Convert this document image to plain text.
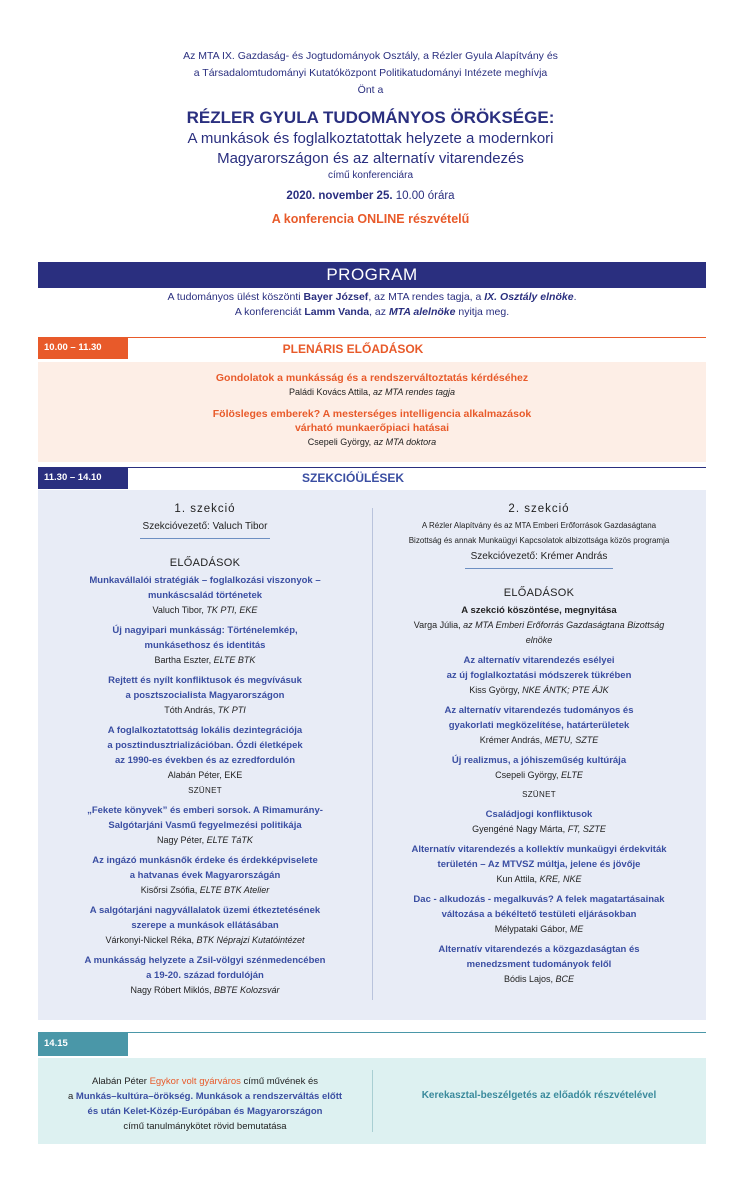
Az MTA IX. Gazdaság- és Jogtudományok Osztály, a Rézler Gyula Alapítvány és
a Társadalomtudományi Kutatóközpont Politikatudományi Intézete meghívja
Önt a
RÉZLER GYULA TUDOMÁNYOS ÖRÖKSÉGE:
A munkások és foglalkoztatottak helyzete a modernkori
Magyarországon és az alternatív vitarendezés
című konferenciára
2020. november 25. 10.00 órára
A konferencia ONLINE részvételű
PROGRAM
A tudományos ülést köszönti Bayer József, az MTA rendes tagja, a IX. Osztály elnöke.
A konferenciát Lamm Vanda, az MTA alelnöke nyitja meg.
10.00 – 11.30	PLENÁRIS ELŐADÁSOK
Gondolatok a munkásság és a rendszerváltoztatás kérdéséhez
Paládi Kovács Attila, az MTA rendes tagja
Fölösleges emberek? A mesterséges intelligencia alkalmazások
várható munkaerőpiaci hatásai
Csepeli György, az MTA doktora
11.30 – 14.10	SZEKCIÓÜLÉSEK
1. szekció
Szekcióvezető: Valuch Tibor
ELŐADÁSOK
Munkavállalói stratégiák – foglalkozási viszonyok –
munkáscsalád történetek
Valuch Tibor, TK PTI, EKE
Új nagyipari munkásság: Történelemkép,
munkásethosz és identitás
Bartha Eszter, ELTE BTK
Rejtett és nyílt konfliktusok és megvívásuk
a posztszocialista Magyarországon
Tóth András, TK PTI
A foglalkoztatottság lokális dezintegrációja
a posztindusztrializációban. Ózdi életképek
az 1990-es években és az ezredfordulón
Alabán Péter, EKE
SZÜNET
„Fekete könyvek” és emberi sorsok. A Rimamurány-
Salgótarjáni Vasmű fegyelmezési politikája
Nagy Péter, ELTE TáTK
Az ingázó munkásnők érdeke és érdekképviselete
a hatvanas évek Magyarországán
Kisőrsi Zsófia, ELTE BTK Atelier
A salgótarjáni nagyvállalatok üzemi étkeztetésének
szerepe a munkások ellátásában
Várkonyi-Nickel Réka, BTK Néprajzi Kutatóintézet
A munkásság helyzete a Zsil-völgyi szénmedencében
a 19-20. század fordulóján
Nagy Róbert Miklós, BBTE Kolozsvár
2. szekció
A Rézler Alapítvány és az MTA Emberi Erőforrások Gazdaságtana
Bizottság és annak Munkaügyi Kapcsolatok albizottsága közös programja
Szekcióvezető: Krémer András
ELŐADÁSOK
A szekció köszöntése, megnyitása
Varga Júlia, az MTA Emberi Erőforrás Gazdaságtana Bizottság
elnöke
Az alternatív vitarendezés esélyei
az új foglalkoztatási módszerek tükrében
Kiss György, NKE ÁNTK; PTE ÁJK
Az alternatív vitarendezés tudományos és
gyakorlati megközelítése, határterületek
Krémer András, METU, SZTE
Új realizmus, a jóhiszeműség kultúrája
Csepeli György, ELTE
SZÜNET
Családjogi konfliktusok
Gyengéné Nagy Márta, FT, SZTE
Alternatív vitarendezés a kollektív munkaügyi érdekviták
területén – Az MTVSZ múltja, jelene és jövője
Kun Attila, KRE, NKE
Dac - alkudozás - megalkuvás? A felek magatartásainak
változása a békéltető testületi eljárásokban
Mélypataki Gábor, ME
Alternatív vitarendezés a közgazdaságtan és
menedzsment tudományok felől
Bódis Lajos, BCE
14.15
Alabán Péter Egykor volt gyárváros című művének és
a Munkás–kultúra–örökség. Munkások a rendszerváltás előtt
és után Kelet-Közép-Európában és Magyarországon
című tanulmánykötet rövid bemutatása
Kerekasztal-beszélgetés az előadók részvételével
